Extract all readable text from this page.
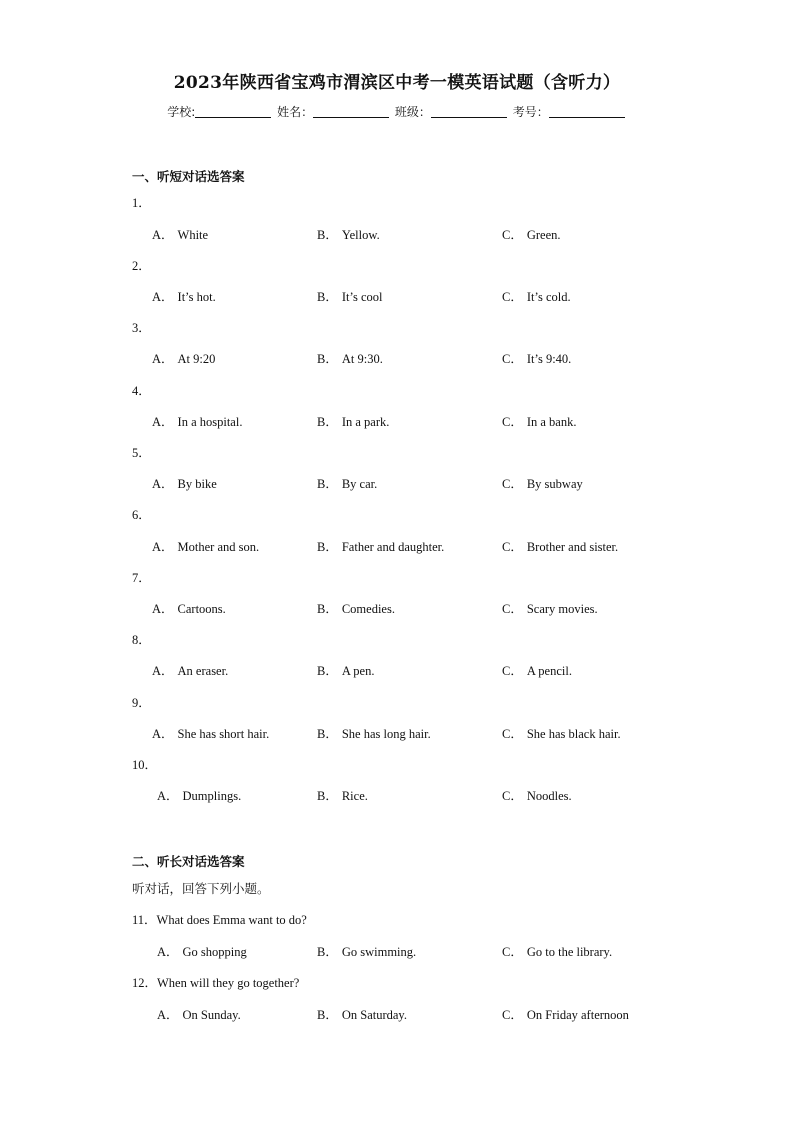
2023年陕西省宝鸡市渭滨区中考一模英语试题（含听力）
学校:	姓名：	班级：	考号：
一、听短对话选答案
1．
A． White	B． Yellow.	C． Green.
2．
A． It’s hot.	B． It’s cool	C． It’s cold.
3．
A． At 9:20	B． At 9:30.	C． It’s 9:40.
4．
A． In a hospital.	B． In a park.	C． In a bank.
5．
A． By bike	B． By car.	C． By subway
6．
A． Mother and son.	B． Father and daughter.	C． Brother and sister.
7．
A． Cartoons.	B． Comedies.	C． Scary movies.
8．
A． An eraser.	B． A pen.	C． A pencil.
9．
A． She has short hair.	B． She has long hair.	C． She has black hair.
10．
A． Dumplings.	B． Rice.	C． Noodles.
11．What does Emma want to do?
A． Go shopping	B． Go swimming.	C． Go to the library.
12．When will they go together?
A． On Sunday.	B． On Saturday.	C． On Friday afternoon
二、听长对话选答案
听对话，回答下列小题。
